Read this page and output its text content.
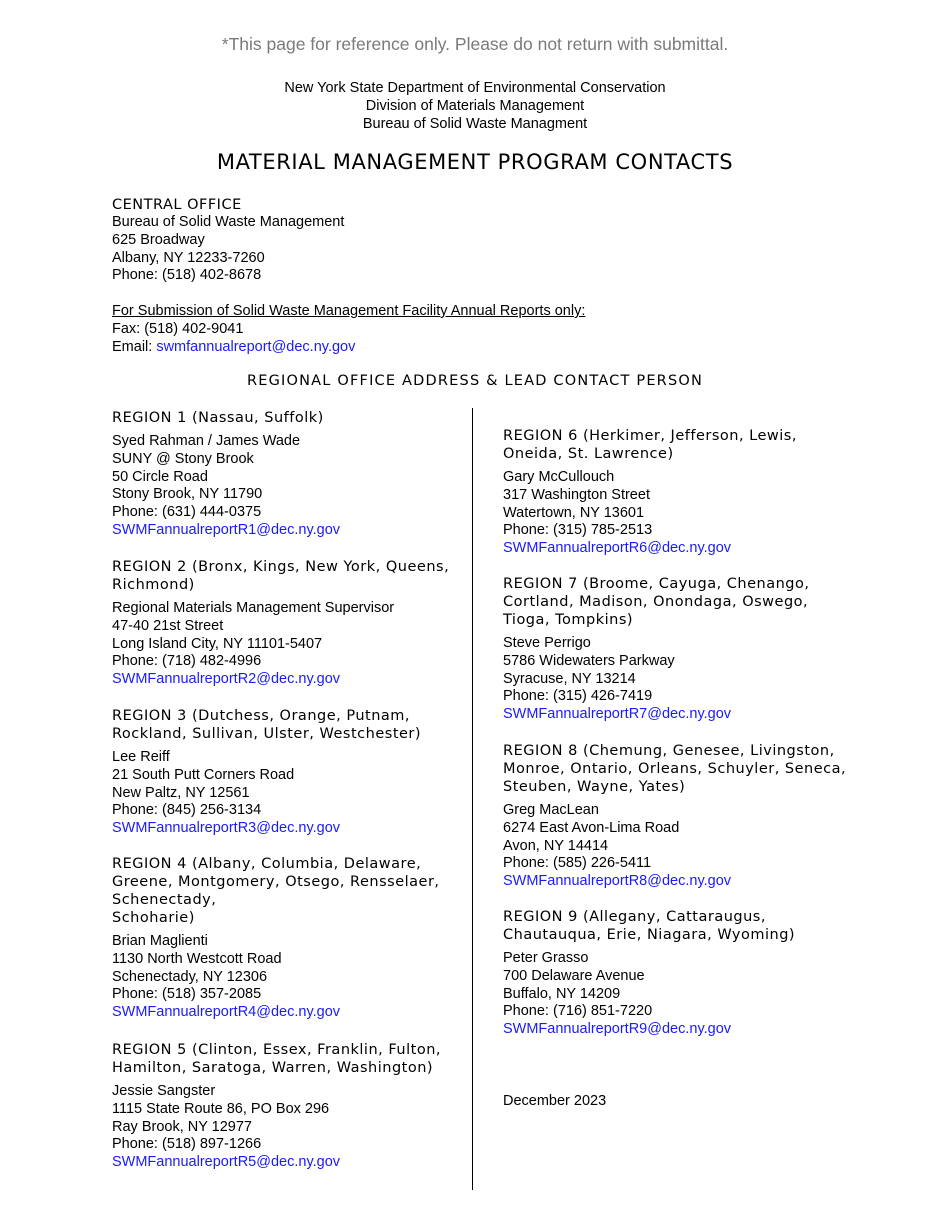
*This page for reference only. Please do not return with submittal.
New York State Department of Environmental Conservation
Division of Materials Management
Bureau of Solid Waste Managment
MATERIAL MANAGEMENT PROGRAM CONTACTS
CENTRAL OFFICE
Bureau of Solid Waste Management
625 Broadway
Albany, NY 12233-7260
Phone: (518) 402-8678
For Submission of Solid Waste Management Facility Annual Reports only:
Fax: (518) 402-9041
Email: swmfannualreport@dec.ny.gov
REGIONAL OFFICE ADDRESS & LEAD CONTACT PERSON
REGION 1 (Nassau, Suffolk)
Syed Rahman / James Wade
SUNY @ Stony Brook
50 Circle Road
Stony Brook, NY 11790
Phone: (631) 444-0375
SWMFannualreportR1@dec.ny.gov
REGION 2 (Bronx, Kings, New York, Queens,
Richmond)
Regional Materials Management Supervisor
47-40 21st Street
Long Island City, NY 11101-5407
Phone: (718) 482-4996
SWMFannualreportR2@dec.ny.gov
REGION 3 (Dutchess, Orange, Putnam,
Rockland, Sullivan, Ulster, Westchester)
Lee Reiff
21 South Putt Corners Road
New Paltz, NY 12561
Phone: (845) 256-3134
SWMFannualreportR3@dec.ny.gov
REGION 4 (Albany, Columbia, Delaware,
Greene, Montgomery, Otsego, Rensselaer,
Schenectady,
Schoharie)
Brian Maglienti
1130 North Westcott Road
Schenectady, NY 12306
Phone: (518) 357-2085
SWMFannualreportR4@dec.ny.gov
REGION 5 (Clinton, Essex, Franklin, Fulton,
Hamilton, Saratoga, Warren, Washington)
Jessie Sangster
1115 State Route 86, PO Box 296
Ray Brook, NY 12977
Phone: (518) 897-1266
SWMFannualreportR5@dec.ny.gov
REGION 6 (Herkimer, Jefferson, Lewis,
Oneida, St. Lawrence)
Gary McCullouch
317 Washington Street
Watertown, NY 13601
Phone: (315) 785-2513
SWMFannualreportR6@dec.ny.gov
REGION 7 (Broome, Cayuga, Chenango,
Cortland, Madison, Onondaga, Oswego,
Tioga, Tompkins)
Steve Perrigo
5786 Widewaters Parkway
Syracuse, NY 13214
Phone: (315) 426-7419
SWMFannualreportR7@dec.ny.gov
REGION 8 (Chemung, Genesee, Livingston,
Monroe, Ontario, Orleans, Schuyler, Seneca,
Steuben, Wayne, Yates)
Greg MacLean
6274 East Avon-Lima Road
Avon, NY 14414
Phone: (585) 226-5411
SWMFannualreportR8@dec.ny.gov
REGION 9 (Allegany, Cattaraugus,
Chautauqua, Erie, Niagara, Wyoming)
Peter Grasso
700 Delaware Avenue
Buffalo, NY 14209
Phone: (716) 851-7220
SWMFannualreportR9@dec.ny.gov
December 2023
